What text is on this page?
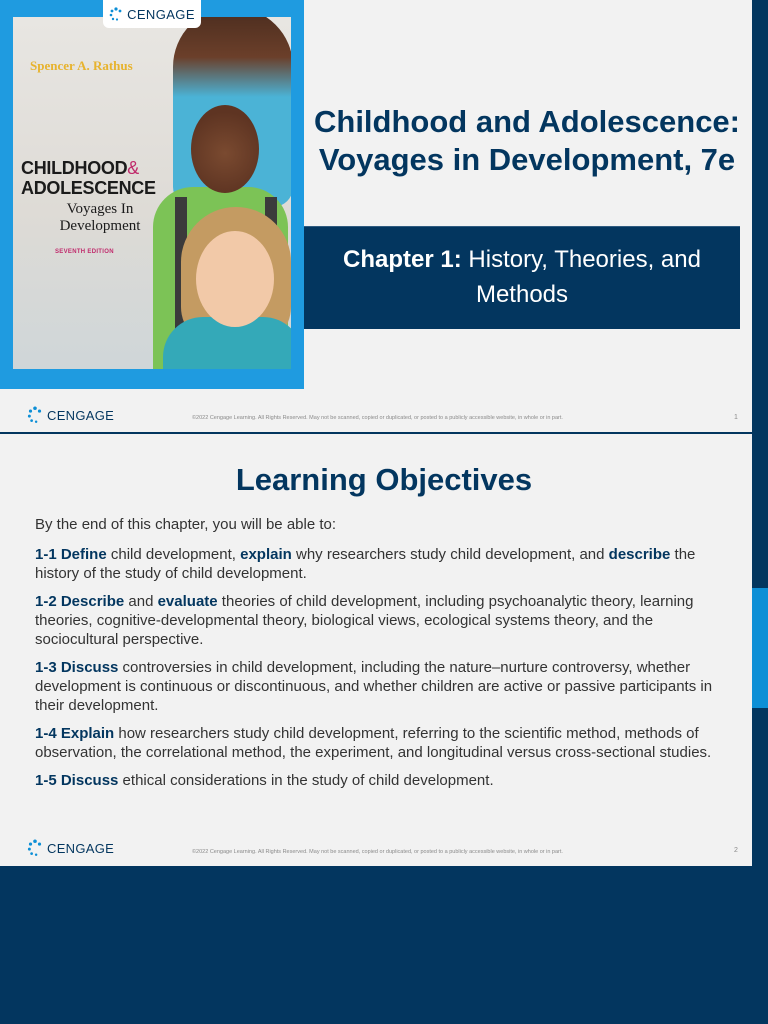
CENGAGE
Spencer A. Rathus
CHILDHOOD&
ADOLESCENCE
Voyages In Development
SEVENTH EDITION
Childhood and Adolescence: Voyages in Development, 7e
Chapter 1: History, Theories, and Methods
CENGAGE	©2022 Cengage Learning. All Rights Reserved. May not be scanned, copied or duplicated, or posted to a publicly accessible website, in whole or in part.	1
Learning Objectives
By the end of this chapter, you will be able to:
1-1 Define child development, explain why researchers study child development, and describe the history of the study of child development.
1-2 Describe and evaluate theories of child development, including psychoanalytic theory, learning theories, cognitive-developmental theory, biological views, ecological systems theory, and the sociocultural perspective.
1-3 Discuss controversies in child development, including the nature–nurture controversy, whether development is continuous or discontinuous, and whether children are active or passive participants in their development.
1-4 Explain how researchers study child development, referring to the scientific method, methods of observation, the correlational method, the experiment, and longitudinal versus cross-sectional studies.
1-5 Discuss ethical considerations in the study of child development.
CENGAGE	©2022 Cengage Learning. All Rights Reserved. May not be scanned, copied or duplicated, or posted to a publicly accessible website, in whole or in part.	2
